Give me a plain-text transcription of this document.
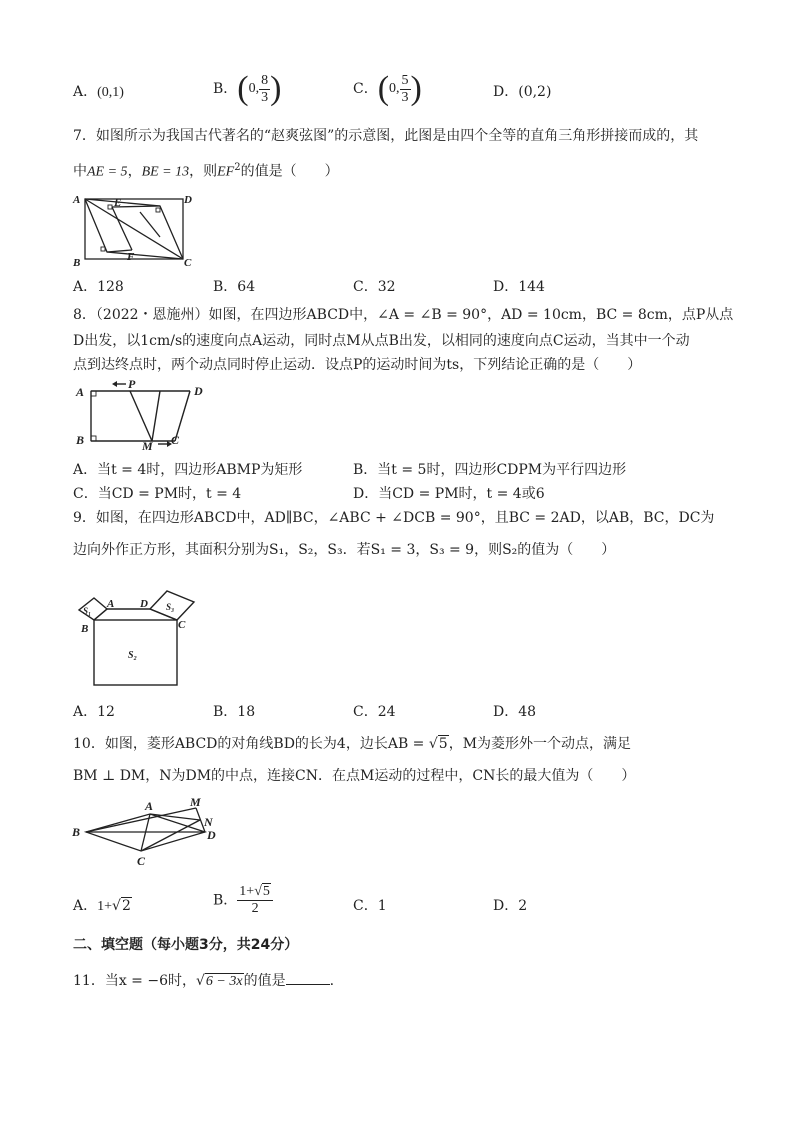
A．(0,1)	B．(0, $\frac{8}{3}$ )	C．(0, $\frac{5}{3}$ )	D．(0,2)
7．如图所示为我国古代著名的“赵爽弦图”的示意图，此图是由四个全等的直角三角形拼接而成的，其
中AE = 5，BE = 13，则$EF^2$的值是（　　）
A
B	C
D
E
F
A．128	B．64	C．32	D．144
8．（2022・恩施州）如图，在四边形ABCD中，∠A = ∠B = 90°，AD = 10cm，BC = 8cm，点P从点
D出发，以1cm/s的速度向点A运动，同时点M从点B出发，以相同的速度向点C运动，当其中一个动
点到达终点时，两个动点同时停止运动．设点P的运动时间为ts，下列结论正确的是（　　）
A
B	C
D
P
M
A．当t = 4时，四边形ABMP为矩形	B．当t = 5时，四边形CDPM为平行四边形
C．当CD = PM时，t = 4	D．当CD = PM时，t = 4或6
9．如图，在四边形ABCD中，AD∥BC，∠ABC + ∠DCB = 90°，且BC = 2AD，以AB，BC，DC为
边向外作正方形，其面积分别为S₁，S₂，S₃．若S₁ = 3，S₃ = 9，则S₂的值为（　　）
A
B	C
D
S₁
S₂
S₃
A．12	B．18	C．24	D．48
10．如图，菱形ABCD的对角线BD的长为4，边长AB = √5，M为菱形外一个动点，满足
BM ⊥ DM，N为DM的中点，连接CN．在点M运动的过程中，CN长的最大值为（　　）
A
B
C
D
M
N
A．1+√2	B． $\frac{1+√5}{2}$	C．1	D．2
二、填空题（每小题3分，共24分）
11．当x = −6时，√6 − 3x的值是	.
